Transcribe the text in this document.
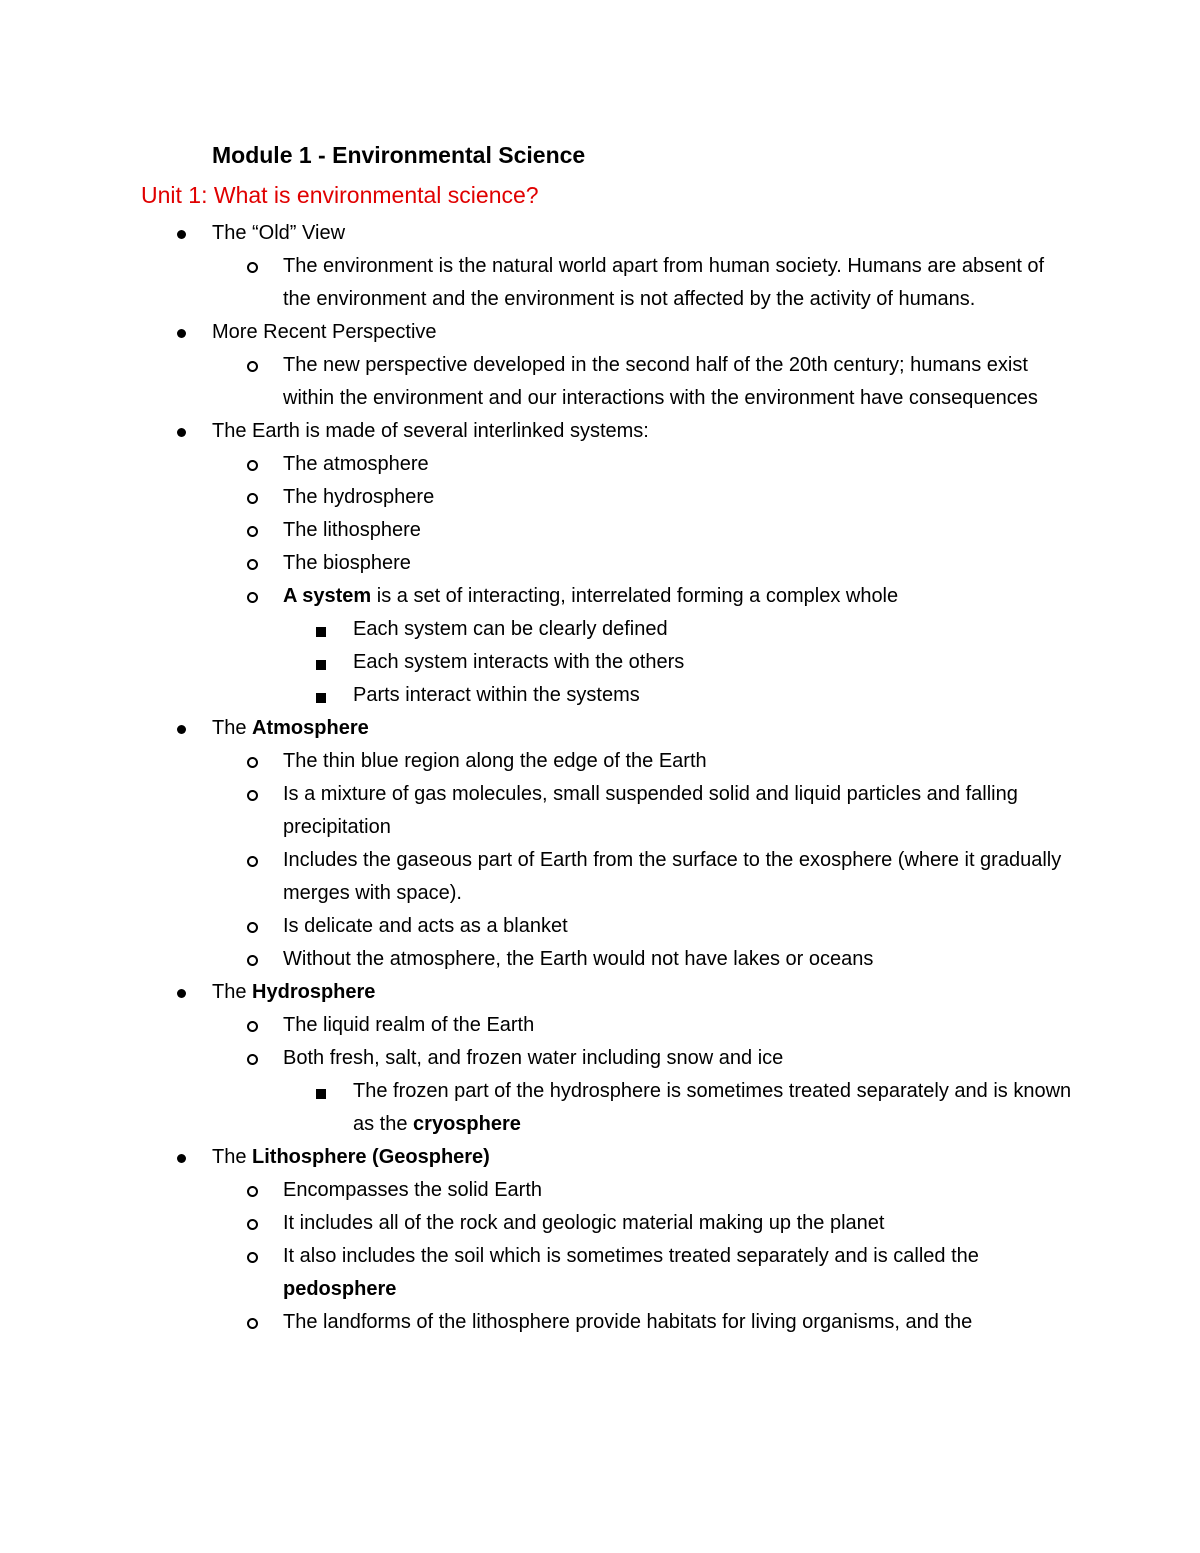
Module 1 - Environmental Science
Unit 1: What is environmental science?
The “Old” View
The environment is the natural world apart from human society. Humans are absent of the environment and the environment is not affected by the activity of humans.
More Recent Perspective
The new perspective developed in the second half of the 20th century; humans exist within the environment and our interactions with the environment have consequences
The Earth is made of several interlinked systems:
The atmosphere
The hydrosphere
The lithosphere
The biosphere
A system is a set of interacting, interrelated forming a complex whole
Each system can be clearly defined
Each system interacts with the others
Parts interact within the systems
The Atmosphere
The thin blue region along the edge of the Earth
Is a mixture of gas molecules, small suspended solid and liquid particles and falling precipitation
Includes the gaseous part of Earth from the surface to the exosphere (where it gradually merges with space).
Is delicate and acts as a blanket
Without the atmosphere, the Earth would not have lakes or oceans
The Hydrosphere
The liquid realm of the Earth
Both fresh, salt, and frozen water including snow and ice
The frozen part of the hydrosphere is sometimes treated separately and is known as the cryosphere
The Lithosphere (Geosphere)
Encompasses the solid Earth
It includes all of the rock and geologic material making up the planet
It also includes the soil which is sometimes treated separately and is called the pedosphere
The landforms of the lithosphere provide habitats for living organisms, and the
